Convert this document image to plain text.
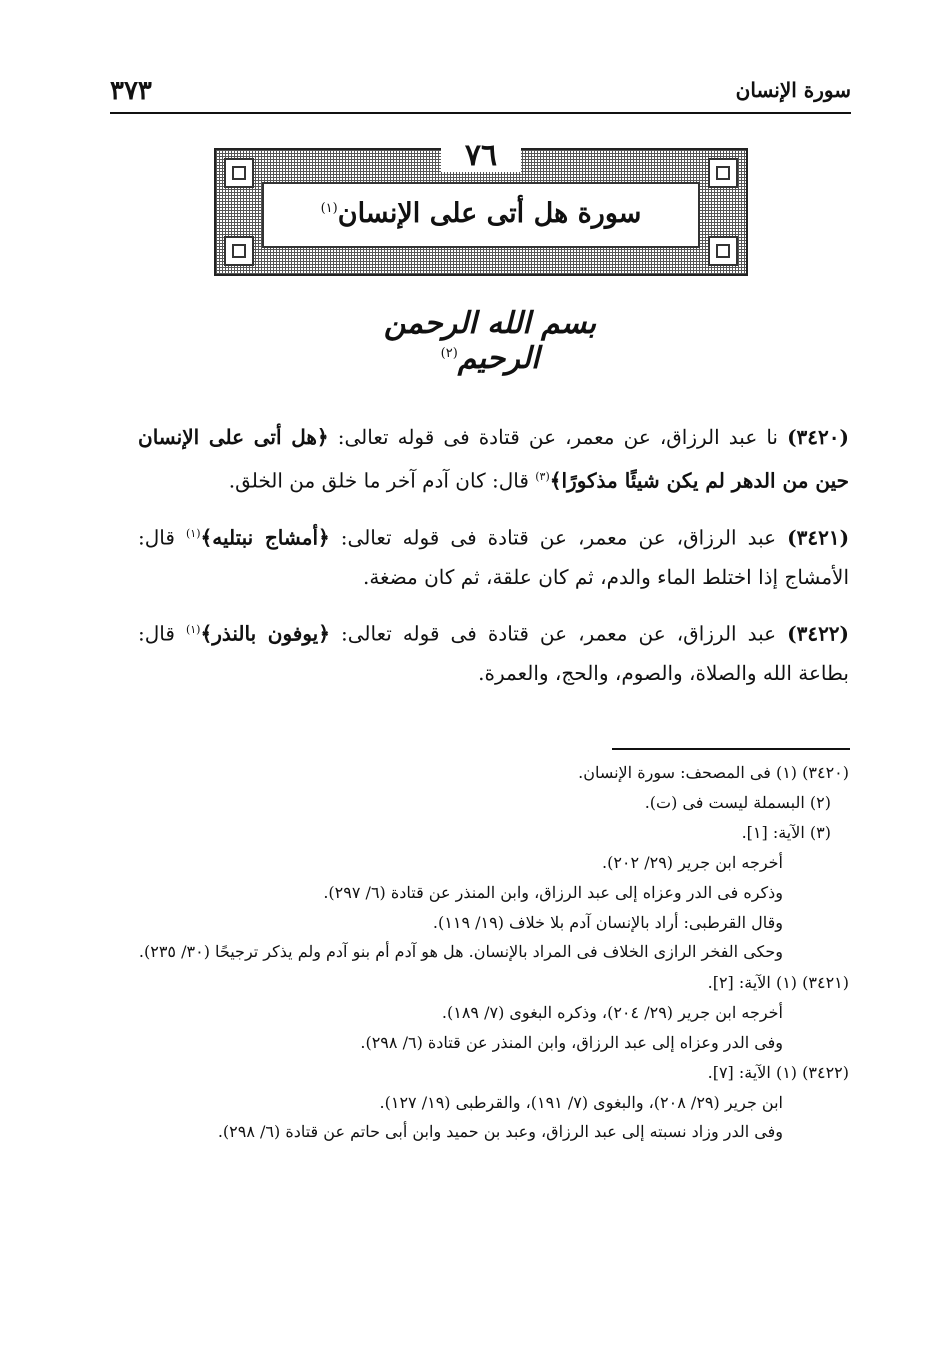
سورة الإنسان
٣٧٣
٧٦
سورة هل أتى على الإنسان$^{(١)}$
بسم الله الرحمن الرحيم$^{(٢)}$
(٣٤٢٠) نا عبد الرزاق، عن معمر، عن قتادة فى قوله تعالى: ﴿هل أتى على الإنسان حين من الدهر لم يكن شيئًا مذكورًا﴾$^{(٣)}$ قال: كان آدم آخر ما خلق من الخلق.
(٣٤٢١) عبد الرزاق، عن معمر، عن قتادة فى قوله تعالى: ﴿أمشاج نبتليه﴾$^{(١)}$ قال: الأمشاج إذا اختلط الماء والدم، ثم كان علقة، ثم كان مضغة.
(٣٤٢٢) عبد الرزاق، عن معمر، عن قتادة فى قوله تعالى: ﴿يوفون بالنذر﴾$^{(١)}$ قال: بطاعة الله والصلاة، والصوم، والحج، والعمرة.
(٣٤٢٠) (١) فى المصحف: سورة الإنسان.
(٢) البسملة ليست فى (ت).
(٣) الآية: [١].
أخرجه ابن جرير (٢٩/ ٢٠٢).
وذكره فى الدر وعزاه إلى عبد الرزاق، وابن المنذر عن قتادة (٦/ ٢٩٧).
وقال القرطبى: أراد بالإنسان آدم بلا خلاف (١٩/ ١١٩).
وحكى الفخر الرازى الخلاف فى المراد بالإنسان. هل هو آدم أم بنو آدم ولم يذكر ترجيحًا (٣٠/ ٢٣٥).
(٣٤٢١) (١) الآية: [٢].
أخرجه ابن جرير (٢٩/ ٢٠٤)، وذكره البغوى (٧/ ١٨٩).
وفى الدر وعزاه إلى عبد الرزاق، وابن المنذر عن قتادة (٦/ ٢٩٨).
(٣٤٢٢) (١) الآية: [٧].
ابن جرير (٢٩/ ٢٠٨)، والبغوى (٧/ ١٩١)، والقرطبى (١٩/ ١٢٧).
وفى الدر وزاد نسبته إلى عبد الرزاق، وعبد بن حميد وابن أبى حاتم عن قتادة (٦/ ٢٩٨).
